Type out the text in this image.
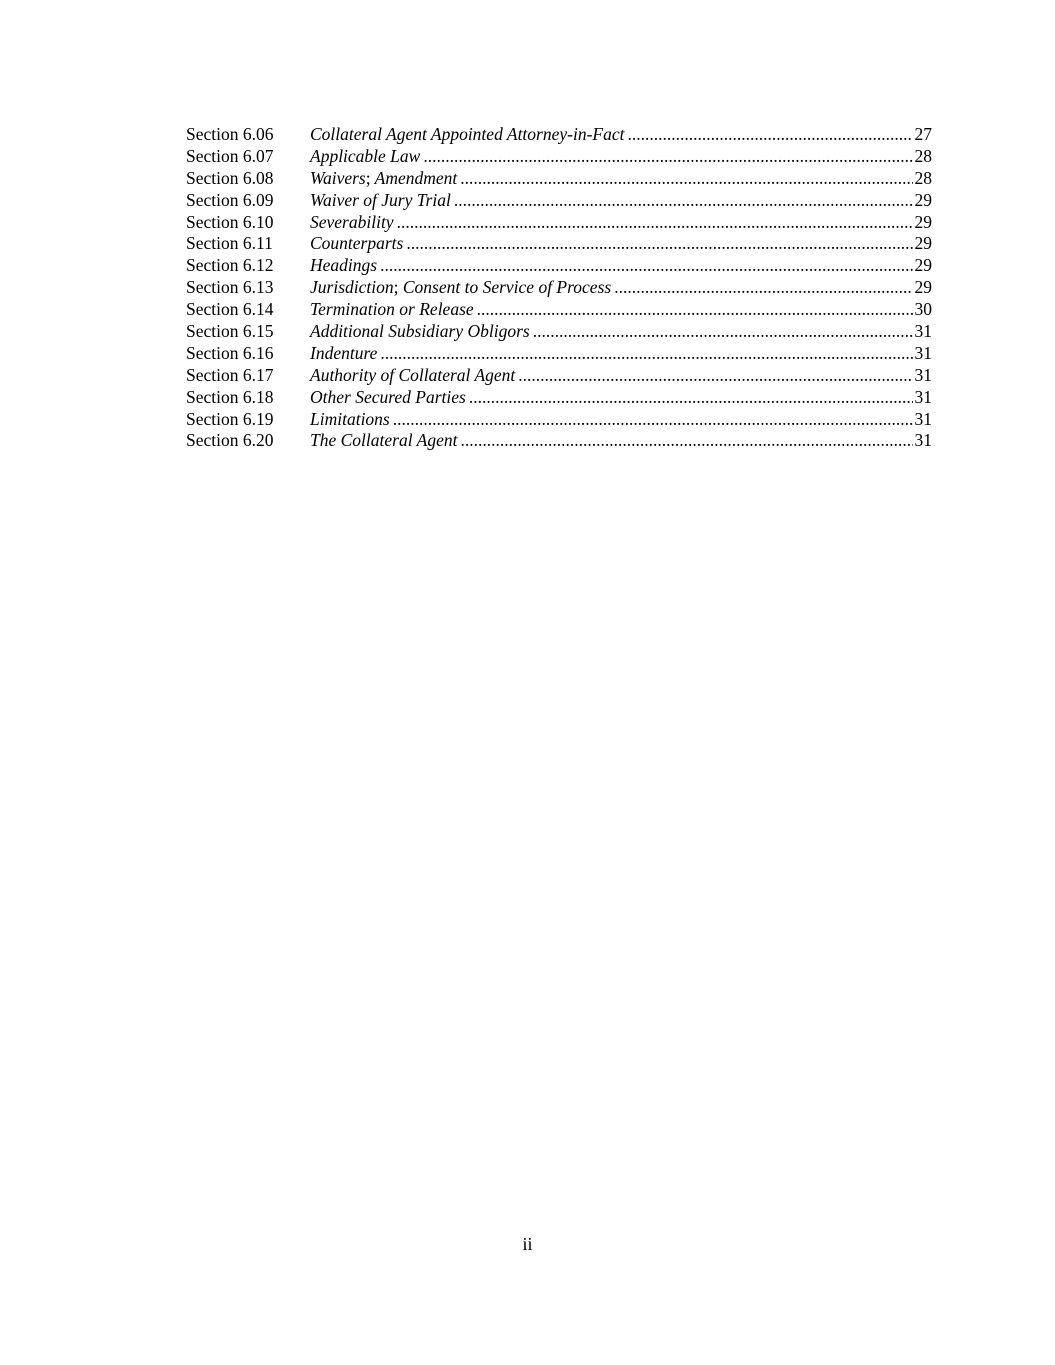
Section 6.06	Collateral Agent Appointed Attorney-in-Fact .....	27
Section 6.07	Applicable Law .....	28
Section 6.08	Waivers; Amendment .....	28
Section 6.09	Waiver of Jury Trial .....	29
Section 6.10	Severability .....	29
Section 6.11	Counterparts .....	29
Section 6.12	Headings .....	29
Section 6.13	Jurisdiction; Consent to Service of Process .....	29
Section 6.14	Termination or Release .....	30
Section 6.15	Additional Subsidiary Obligors .....	31
Section 6.16	Indenture .....	31
Section 6.17	Authority of Collateral Agent .....	31
Section 6.18	Other Secured Parties .....	31
Section 6.19	Limitations .....	31
Section 6.20	The Collateral Agent .....	31
ii
